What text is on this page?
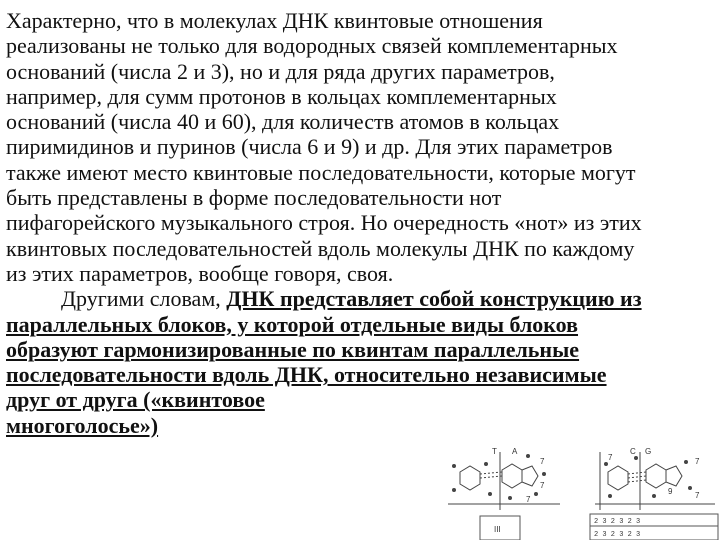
Характерно, что в молекулах ДНК квинтовые отношения
реализованы не только для водородных связей комплементарных
оснований (числа 2 и 3), но и для ряда других параметров,
например, для сумм протонов в кольцах комплементарных
оснований (числа 40 и 60), для количеств атомов в кольцах
пиримидинов и пуринов (числа 6 и 9) и др. Для этих параметров
также имеют место квинтовые последовательности, которые могут
быть представлены в форме последовательности нот
пифагорейского музыкального строя. Но очередность «нот» из этих
квинтовых последовательностей вдоль молекулы ДНК по каждому
из этих параметров, вообще говоря, своя.
Другими словам, ДНК представляет собой конструкцию из
параллельных блоков, у которой отдельные виды блоков
образуют гармонизированные по квинтам параллельные
последовательности вдоль ДНК, относительно независимые
друг от друга («квинтовое
многоголосье»)
T A
7
7
7
C G
7	7
9	7
III
2 3 2 3 2 3
2 3 2 3 2 3
